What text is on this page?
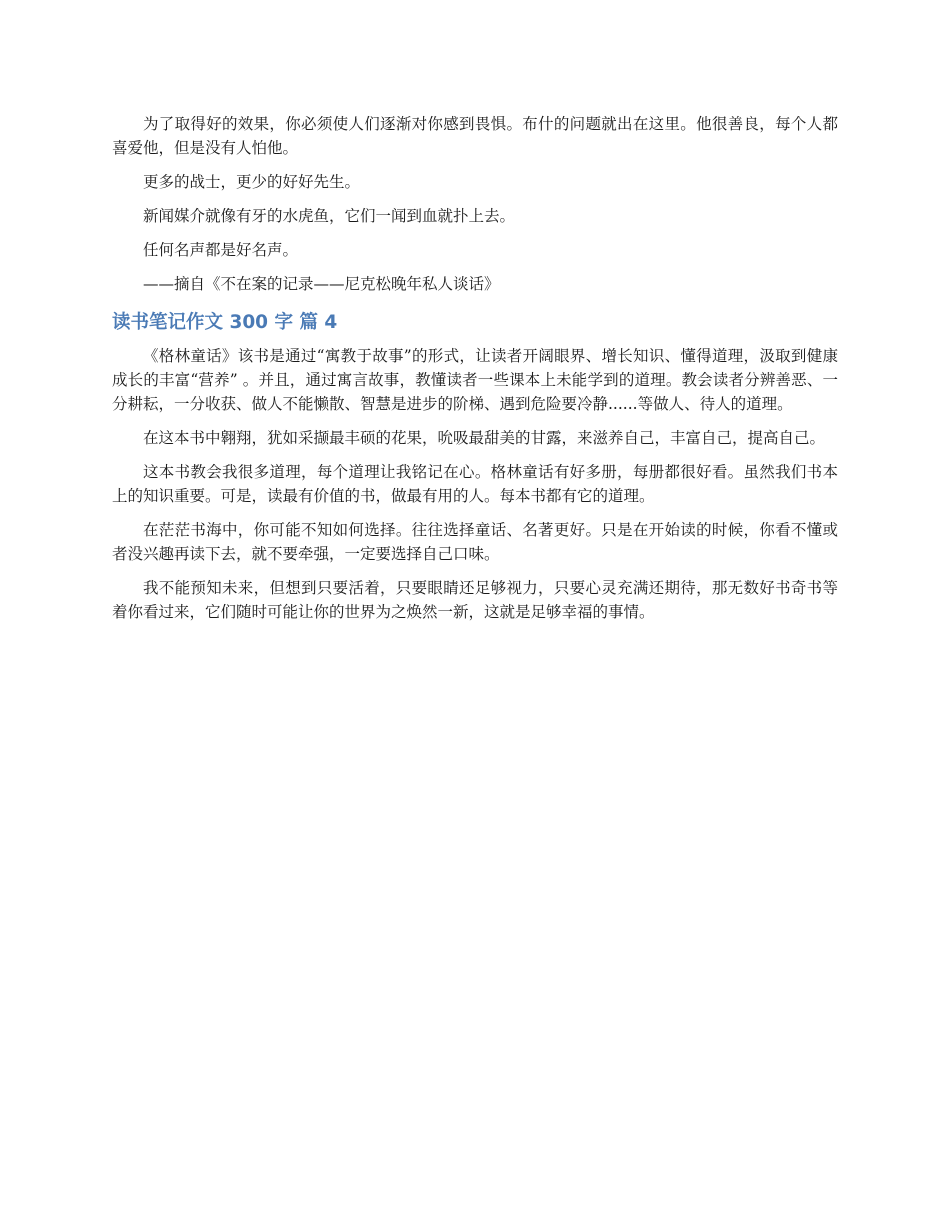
为了取得好的效果，你必须使人们逐渐对你感到畏惧。布什的问题就出在这里。他很善良，每个人都喜爱他，但是没有人怕他。

更多的战士，更少的好好先生。

新闻媒介就像有牙的水虎鱼，它们一闻到血就扑上去。

任何名声都是好名声。

——摘自《不在案的记录——尼克松晚年私人谈话》

读书笔记作文 300 字 篇 4

《格林童话》该书是通过“寓教于故事”的形式，让读者开阔眼界、增长知识、懂得道理，汲取到健康成长的丰富“营养” 。并且，通过寓言故事，教懂读者一些课本上未能学到的道理。教会读者分辨善恶、一分耕耘，一分收获、做人不能懒散、智慧是进步的阶梯、遇到危险要冷静......等做人、待人的道理。

在这本书中翱翔，犹如采撷最丰硕的花果，吮吸最甜美的甘露，来滋养自己，丰富自己，提高自己。

这本书教会我很多道理，每个道理让我铭记在心。格林童话有好多册，每册都很好看。虽然我们书本上的知识重要。可是，读最有价值的书，做最有用的人。每本书都有它的道理。

在茫茫书海中，你可能不知如何选择。往往选择童话、名著更好。只是在开始读的时候，你看不懂或者没兴趣再读下去，就不要牵强，一定要选择自己口味。

我不能预知未来，但想到只要活着，只要眼睛还足够视力，只要心灵充满还期待，那无数好书奇书等着你看过来，它们随时可能让你的世界为之焕然一新，这就是足够幸福的事情。
